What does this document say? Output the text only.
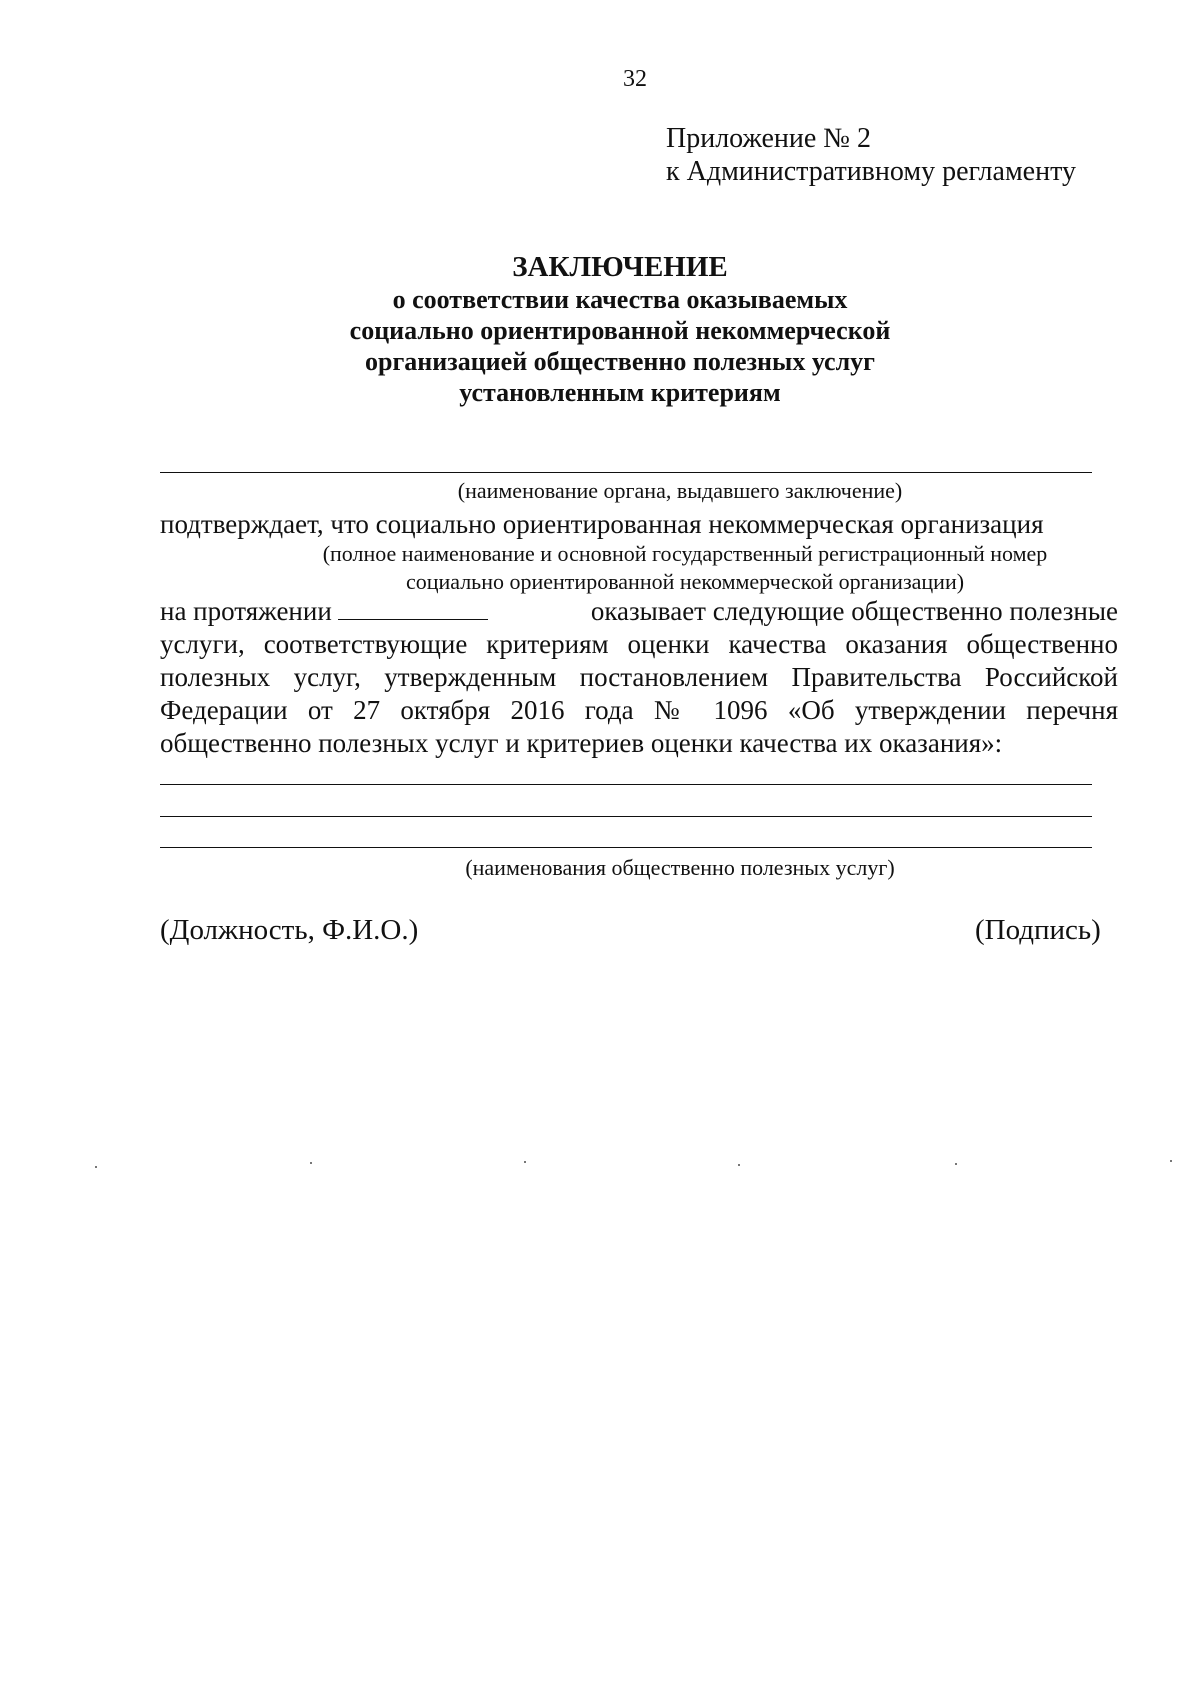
32
Приложение № 2
к Административному регламенту
ЗАКЛЮЧЕНИЕ
о соответствии качества оказываемых
социально ориентированной некоммерческой
организацией общественно полезных услуг
установленным критериям
(наименование органа, выдавшего заключение)
подтверждает, что социально ориентированная некоммерческая организация
(полное наименование и основной государственный регистрационный номер
социально ориентированной некоммерческой организации)
на протяжении	оказывает следующие общественно полезные
услуги, соответствующие критериям оценки качества оказания общественно полезных услуг, утвержденным постановлением Правительства Российской Федерации от 27 октября 2016 года № 1096 «Об утверждении перечня общественно полезных услуг и критериев оценки качества их оказания»:
(наименования общественно полезных услуг)
(Должность, Ф.И.О.)	(Подпись)
